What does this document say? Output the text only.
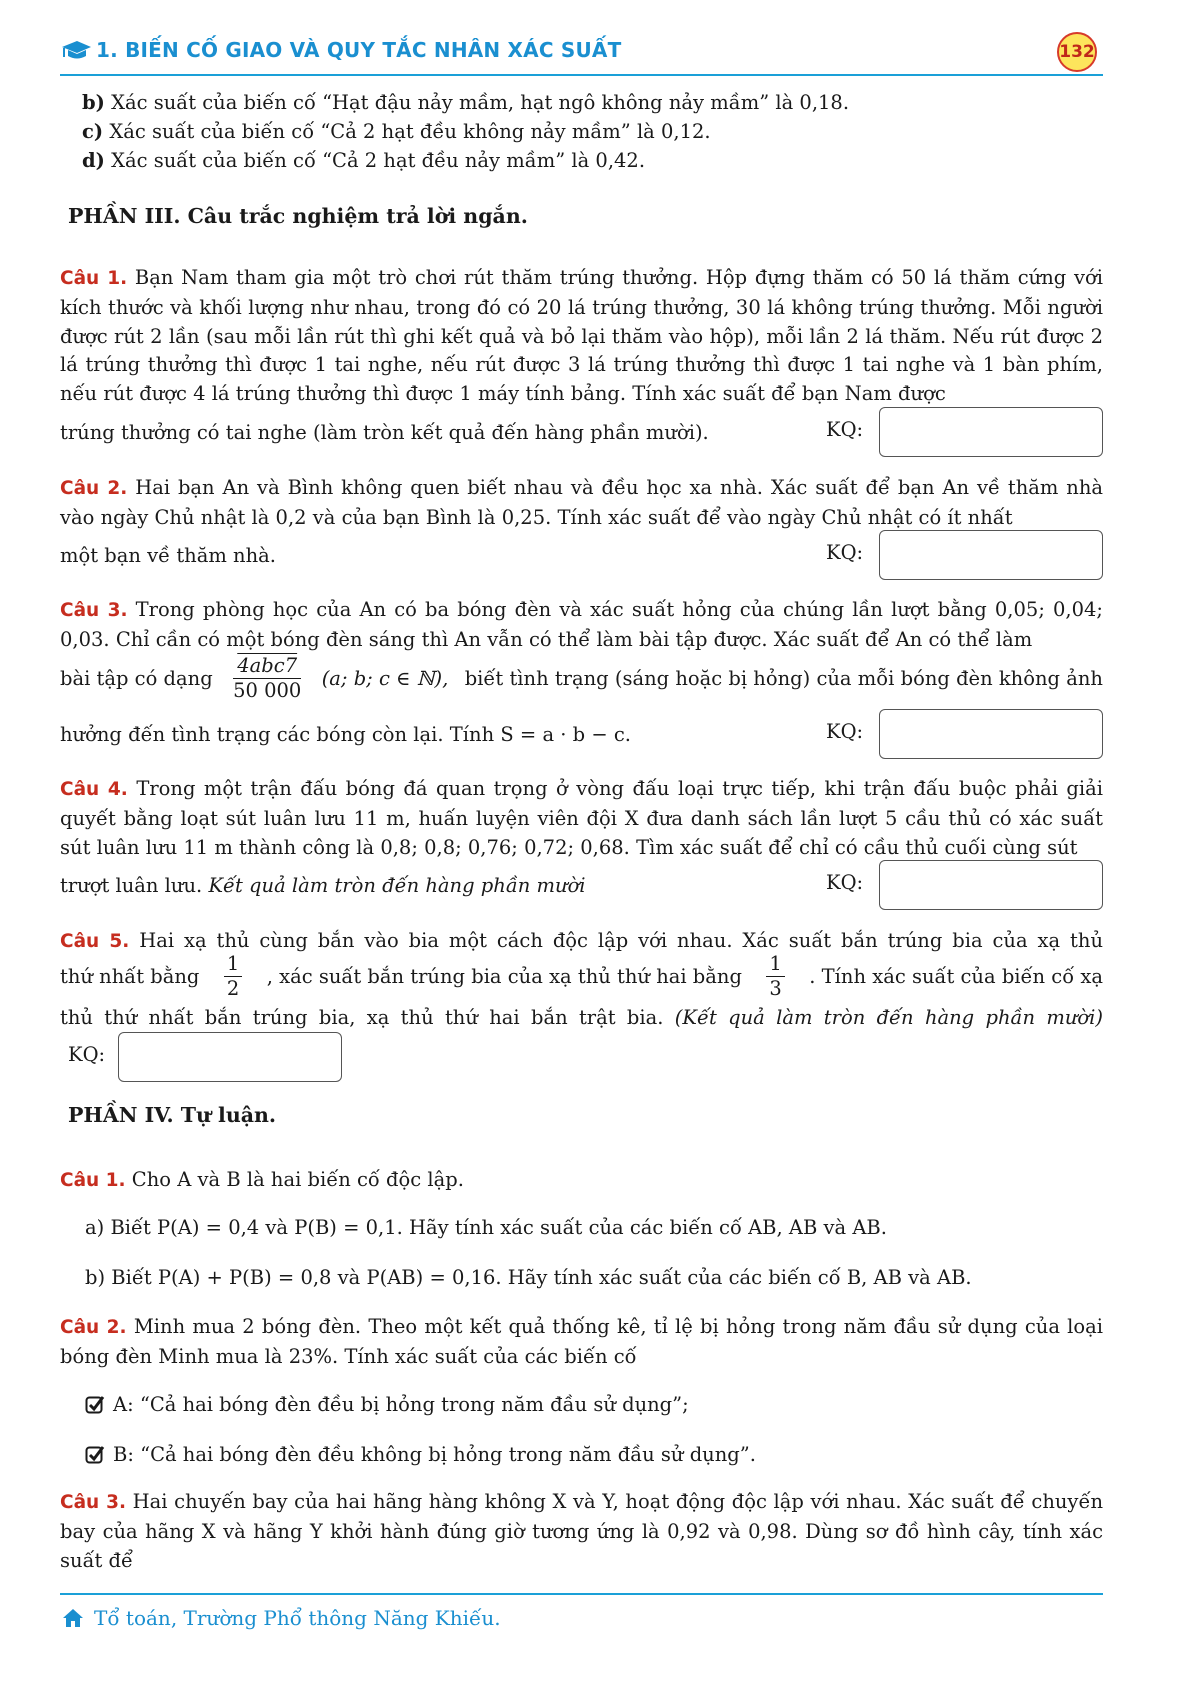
1. BIẾN CỐ GIAO VÀ QUY TẮC NHÂN XÁC SUẤT	132
b) Xác suất của biến cố “Hạt đậu nảy mầm, hạt ngô không nảy mầm” là 0,18.
c) Xác suất của biến cố “Cả 2 hạt đều không nảy mầm” là 0,12.
d) Xác suất của biến cố “Cả 2 hạt đều nảy mầm” là 0,42.
PHẦN III. Câu trắc nghiệm trả lời ngắn.
Câu 1. Bạn Nam tham gia một trò chơi rút thăm trúng thưởng. Hộp đựng thăm có 50 lá thăm cứng với kích thước và khối lượng như nhau, trong đó có 20 lá trúng thưởng, 30 lá không trúng thưởng. Mỗi người được rút 2 lần (sau mỗi lần rút thì ghi kết quả và bỏ lại thăm vào hộp), mỗi lần 2 lá thăm. Nếu rút được 2 lá trúng thưởng thì được 1 tai nghe, nếu rút được 3 lá trúng thưởng thì được 1 tai nghe và 1 bàn phím, nếu rút được 4 lá trúng thưởng thì được 1 máy tính bảng. Tính xác suất để bạn Nam được
trúng thưởng có tai nghe (làm tròn kết quả đến hàng phần mười).	KQ:
Câu 2. Hai bạn An và Bình không quen biết nhau và đều học xa nhà. Xác suất để bạn An về thăm nhà vào ngày Chủ nhật là 0,2 và của bạn Bình là 0,25. Tính xác suất để vào ngày Chủ nhật có ít nhất
một bạn về thăm nhà.	KQ:
Câu 3. Trong phòng học của An có ba bóng đèn và xác suất hỏng của chúng lần lượt bằng 0,05; 0,04; 0,03. Chỉ cần có một bóng đèn sáng thì An vẫn có thể làm bài tập được. Xác suất để An có thể làm
bài tập có dạng $\frac{\text{4abc7}}{50 000} (a$; b; c ∈ ℕ), biết tình trạng (sáng hoặc bị hỏng) của mỗi bóng đèn không ảnh
hưởng đến tình trạng các bóng còn lại. Tính S = a · b − c.	KQ:
Câu 4. Trong một trận đấu bóng đá quan trọng ở vòng đấu loại trực tiếp, khi trận đấu buộc phải giải quyết bằng loạt sút luân lưu 11 m, huấn luyện viên đội X đưa danh sách lần lượt 5 cầu thủ có xác suất sút luân lưu 11 m thành công là 0,8; 0,8; 0,76; 0,72; 0,68. Tìm xác suất để chỉ có cầu thủ cuối cùng sút
trượt luân lưu. Kết quả làm tròn đến hàng phần mười	KQ:
Câu 5. Hai xạ thủ cùng bắn vào bia một cách độc lập với nhau. Xác suất bắn trúng bia của xạ thủ
thứ nhất bằng $\frac{1}{2}$ , xác suất bắn trúng bia của xạ thủ thứ hai bằng $\frac{1}{3}$ . Tính xác suất của biến cố xạ
thủ thứ nhất bắn trúng bia, xạ thủ thứ hai bắn trật bia. (Kết quả làm tròn đến hàng phần mười)
KQ:
PHẦN IV. Tự luận.
Câu 1. Cho A và B là hai biến cố độc lập.
a) Biết P(A) = 0,4 và P(B) = 0,1. Hãy tính xác suất của các biến cố AB, AB và AB.
b) Biết P(A) + P(B) = 0,8 và P(AB) = 0,16. Hãy tính xác suất của các biến cố B, AB và AB.
Câu 2. Minh mua 2 bóng đèn. Theo một kết quả thống kê, tỉ lệ bị hỏng trong năm đầu sử dụng của loại bóng đèn Minh mua là 23%. Tính xác suất của các biến cố
A: “Cả hai bóng đèn đều bị hỏng trong năm đầu sử dụng”;
B: “Cả hai bóng đèn đều không bị hỏng trong năm đầu sử dụng”.
Câu 3. Hai chuyến bay của hai hãng hàng không X và Y, hoạt động độc lập với nhau. Xác suất để chuyến bay của hãng X và hãng Y khởi hành đúng giờ tương ứng là 0,92 và 0,98. Dùng sơ đồ hình cây, tính xác suất để
Tổ toán, Trường Phổ thông Năng Khiếu.
